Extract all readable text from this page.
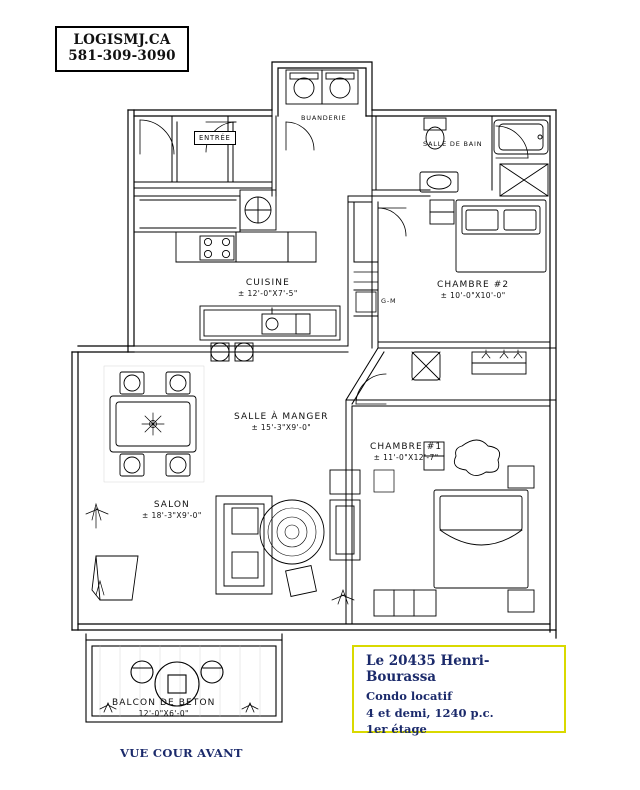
LOGISMJ.CA
581-309-3090
ENTRÉE
BUANDERIE
SALLE DE BAIN
G-M
CUISINE
± 12'-0"X7'-5"
SALLE À MANGER
± 15'-3"X9'-0"
SALON
± 18'-3"X9'-0"
CHAMBRE #2
± 10'-0"X10'-0"
CHAMBRE #1
± 11'-0"X12'-7"
BALCON DE BETON
12'-0"X6'-0"
Le 20435 Henri-Bourassa
Condo locatif
4 et demi, 1240 p.c.
1er étage
VUE COUR AVANT
